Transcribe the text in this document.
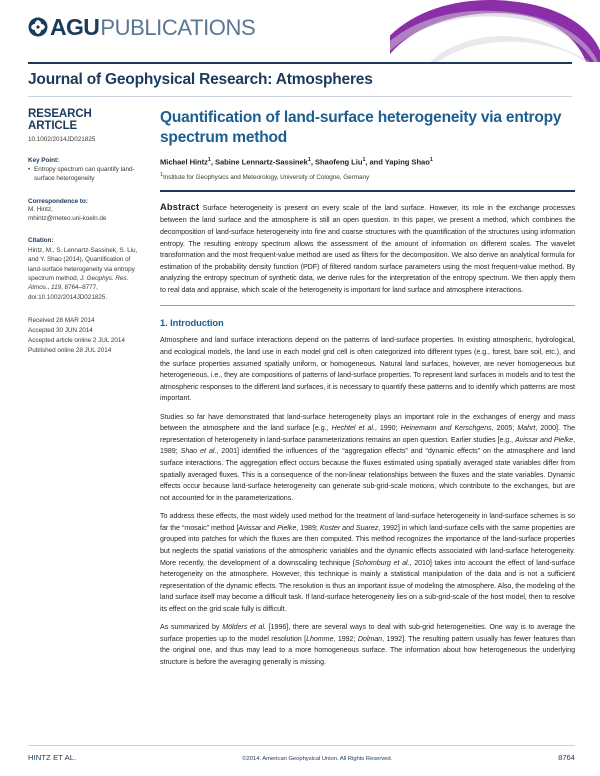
AGU PUBLICATIONS	JGR
Journal of Geophysical Research: Atmospheres
RESEARCH ARTICLE
10.1002/2014JD021825
Key Point:
• Entropy spectrum can quantify land-surface heterogeneity
Correspondence to:
M. Hintz,
mhintz@meteo.uni-koeln.de
Citation:
Hintz, M., S. Lennartz-Sassinek, S. Liu, and Y. Shao (2014), Quantification of land-surface heterogeneity via entropy spectrum method, J. Geophys. Res. Atmos., 119, 8764–8777, doi:10.1002/2014JD021825.
Received 28 MAR 2014
Accepted 30 JUN 2014
Accepted article online 2 JUL 2014
Published online 28 JUL 2014
Quantification of land-surface heterogeneity via entropy spectrum method
Michael Hintz$^1$, Sabine Lennartz-Sassinek$^1$, Shaofeng Liu$^1$, and Yaping Shao$^1$
$^1$Institute for Geophysics and Meteorology, University of Cologne, Germany
Abstract Surface heterogeneity is present on every scale of the land surface. However, its role in the exchange processes between the land surface and the atmosphere is still an open question. In this paper, we present a method, which combines the decomposition of land-surface heterogeneity into fine and coarse structures with the quantification of the structures using information entropy. The resulting entropy spectrum allows the assessment of the amount of information on different scales. The wavelet transformation and the most frequent-value method are used as filters for the decomposition. We also derive an analytical formula for estimation of the probability density function (PDF) of filtered random surface parameters using the most frequent-value method. By analyzing the entropy spectrum of synthetic data, we derive rules for the interpretation of the entropy spectrum. We then apply them to real data and appraise, which scale of the heterogeneity is important for land surface and atmosphere interactions.
1. Introduction
Atmosphere and land surface interactions depend on the patterns of land-surface properties. In existing atmospheric, hydrological, and ecological models, the land use in each model grid cell is often categorized into different types (e.g., forest, bare soil, etc.), and the surface properties assumed spatially uniform, or homogeneous. Natural land surfaces, however, are never homogeneous but heterogeneous, i.e., they are compositions of patterns of land-surface properties. To represent land surfaces in models and to test the atmospheric responses to the different land surfaces, it is necessary to quantify these patterns and to identify which patterns are most important.
Studies so far have demonstrated that land-surface heterogeneity plays an important role in the exchanges of energy and mass between the atmosphere and the land surface [e.g., Hechtel et al., 1990; Heinemann and Kerschgens, 2005; Mahrt, 2000]. The representation of heterogeneity in land-surface parameterizations remains an open question. Earlier studies [e.g., Avissar and Pielke, 1989; Shao et al., 2001] identified the influences of the “aggregation effects” and “dynamic effects” on the atmosphere and land surface interactions. The aggregation effect occurs because the fluxes estimated using spatially averaged state variables differ from spatially averaged fluxes. This is a consequence of the non-linear relationships between the fluxes and the state variables. Dynamic effects occur because land-surface heterogeneity can generate sub-grid-scale motions, which contribute to the exchanges, but are not accounted for in the parameterizations.
To address these effects, the most widely used method for the treatment of land-surface heterogeneity in land-surface schemes is so far the “mosaic” method [Avissar and Pielke, 1989; Koster and Suarez, 1992] in which land-surface cells with the same properties are grouped into patches for which the fluxes are then computed. This method recognizes the importance of the land-surface properties but neglects the spatial variations of the atmospheric variables and the dynamic effects associated with land-surface heterogeneity. More recently, the development of a downscaling technique [Schomburg et al., 2010] takes into account the effect of land-surface heterogeneity on the atmosphere. However, this technique is mainly a statistical manipulation of the data and is not a sufficient representation of the dynamic effects. The resolution is thus an important issue of modeling the atmosphere. Also, the modeling of the land surface itself may become a difficult task. If land-surface heterogeneity lies on a sub-grid-scale of the host model, then to resolve its effect on the grid scale fully is difficult.
As summarized by Mölders et al. [1996], there are several ways to deal with sub-grid heterogeneities. One way is to average the surface properties up to the model resolution [Lhomme, 1992; Dolman, 1992]. The resulting pattern usually has fewer features than the original one, and thus may lead to a more homogeneous surface. The information about how heterogeneous the underlying structure is before the averaging generally is missing.
HINTZ ET AL.	©2014. American Geophysical Union. All Rights Reserved.	8764
